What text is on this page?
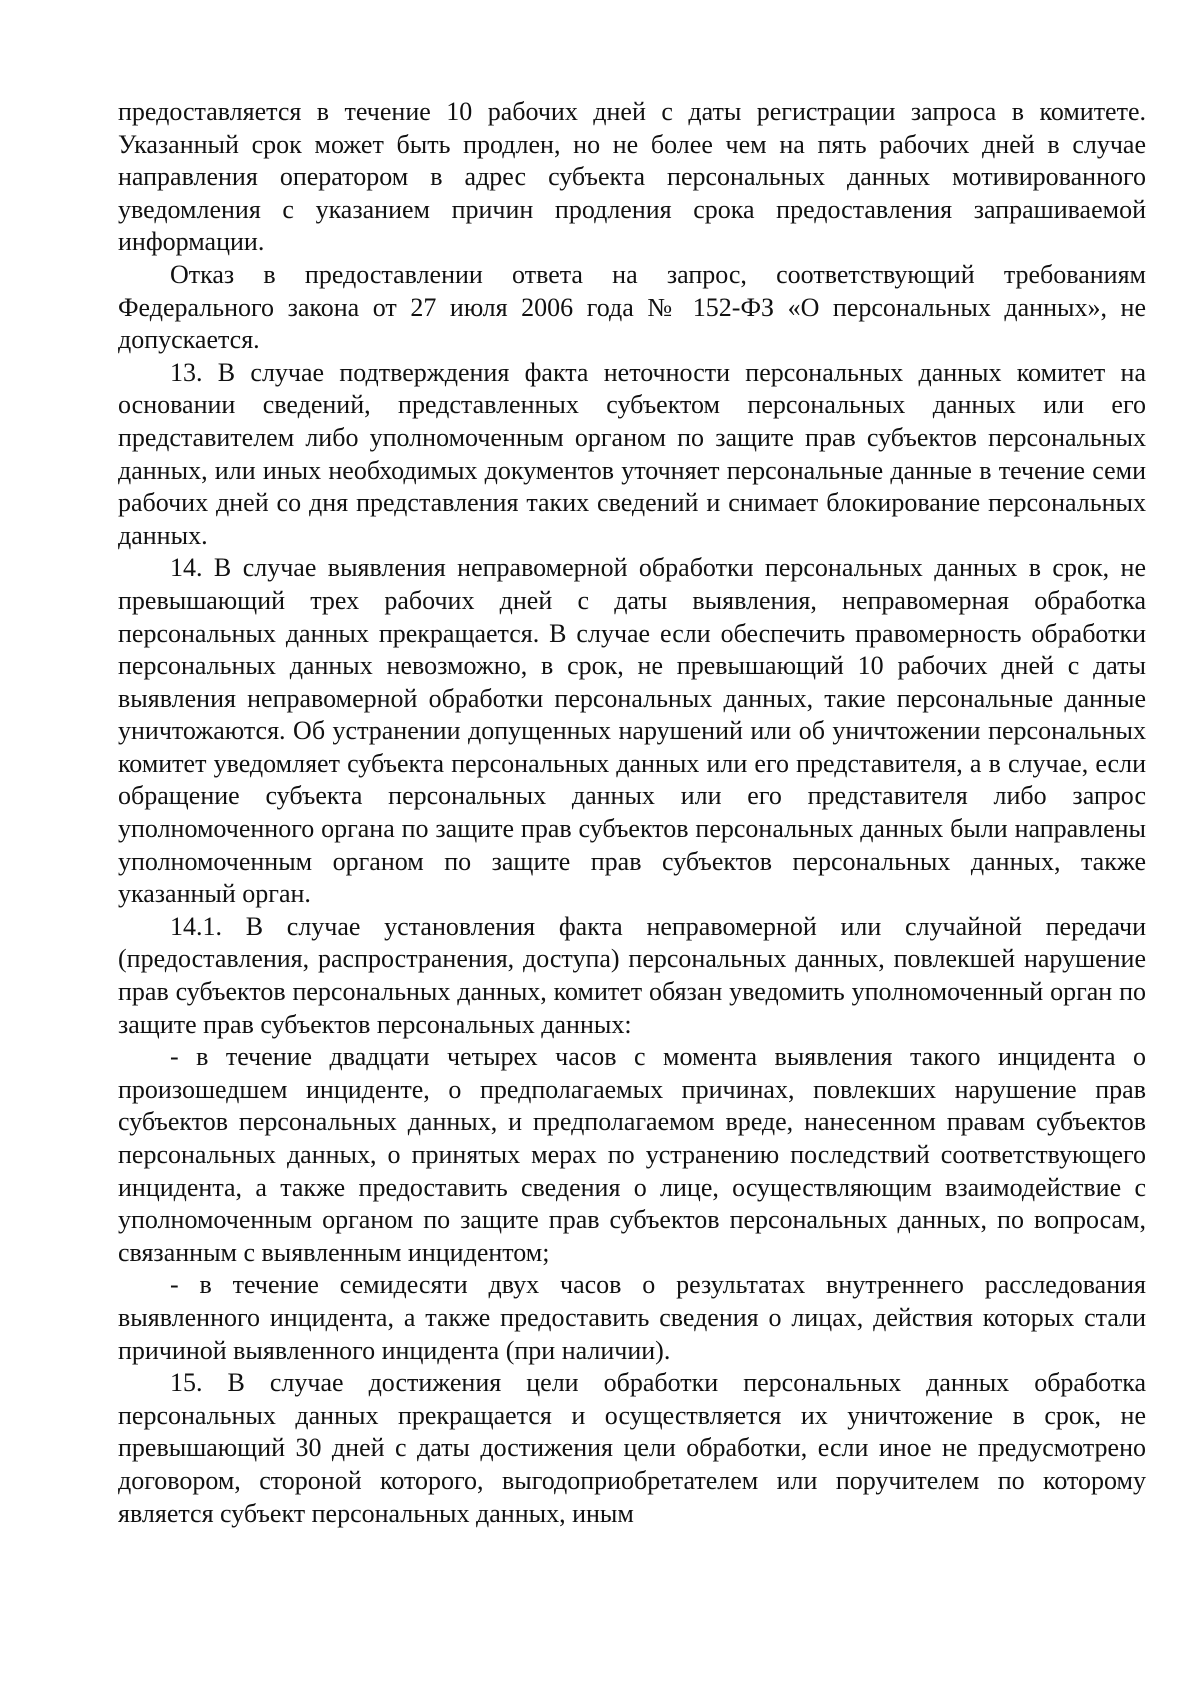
предоставляется в течение 10 рабочих дней с даты регистрации запроса в комитете. Указанный срок может быть продлен, но не более чем на пять рабочих дней в случае направления оператором в адрес субъекта персональных данных мотивированного уведомления с указанием причин продления срока предоставления запрашиваемой информации.

Отказ в предоставлении ответа на запрос, соответствующий требованиям Федерального закона от 27 июля 2006 года № 152-ФЗ «О персональных данных», не допускается.

13. В случае подтверждения факта неточности персональных данных комитет на основании сведений, представленных субъектом персональных данных или его представителем либо уполномоченным органом по защите прав субъектов персональных данных, или иных необходимых документов уточняет персональные данные в течение семи рабочих дней со дня представления таких сведений и снимает блокирование персональных данных.

14. В случае выявления неправомерной обработки персональных данных в срок, не превышающий трех рабочих дней с даты выявления, неправомерная обработка персональных данных прекращается. В случае если обеспечить правомерность обработки персональных данных невозможно, в срок, не превышающий 10 рабочих дней с даты выявления неправомерной обработки персональных данных, такие персональные данные уничтожаются. Об устранении допущенных нарушений или об уничтожении персональных комитет уведомляет субъекта персональных данных или его представителя, а в случае, если обращение субъекта персональных данных или его представителя либо запрос уполномоченного органа по защите прав субъектов персональных данных были направлены уполномоченным органом по защите прав субъектов персональных данных, также указанный орган.

14.1. В случае установления факта неправомерной или случайной передачи (предоставления, распространения, доступа) персональных данных, повлекшей нарушение прав субъектов персональных данных, комитет обязан уведомить уполномоченный орган по защите прав субъектов персональных данных:

- в течение двадцати четырех часов с момента выявления такого инцидента о произошедшем инциденте, о предполагаемых причинах, повлекших нарушение прав субъектов персональных данных, и предполагаемом вреде, нанесенном правам субъектов персональных данных, о принятых мерах по устранению последствий соответствующего инцидента, а также предоставить сведения о лице, осуществляющим взаимодействие с уполномоченным органом по защите прав субъектов персональных данных, по вопросам, связанным с выявленным инцидентом;

- в течение семидесяти двух часов о результатах внутреннего расследования выявленного инцидента, а также предоставить сведения о лицах, действия которых стали причиной выявленного инцидента (при наличии).

15. В случае достижения цели обработки персональных данных обработка персональных данных прекращается и осуществляется их уничтожение в срок, не превышающий 30 дней с даты достижения цели обработки, если иное не предусмотрено договором, стороной которого, выгодоприобретателем или поручителем по которому является субъект персональных данных, иным
